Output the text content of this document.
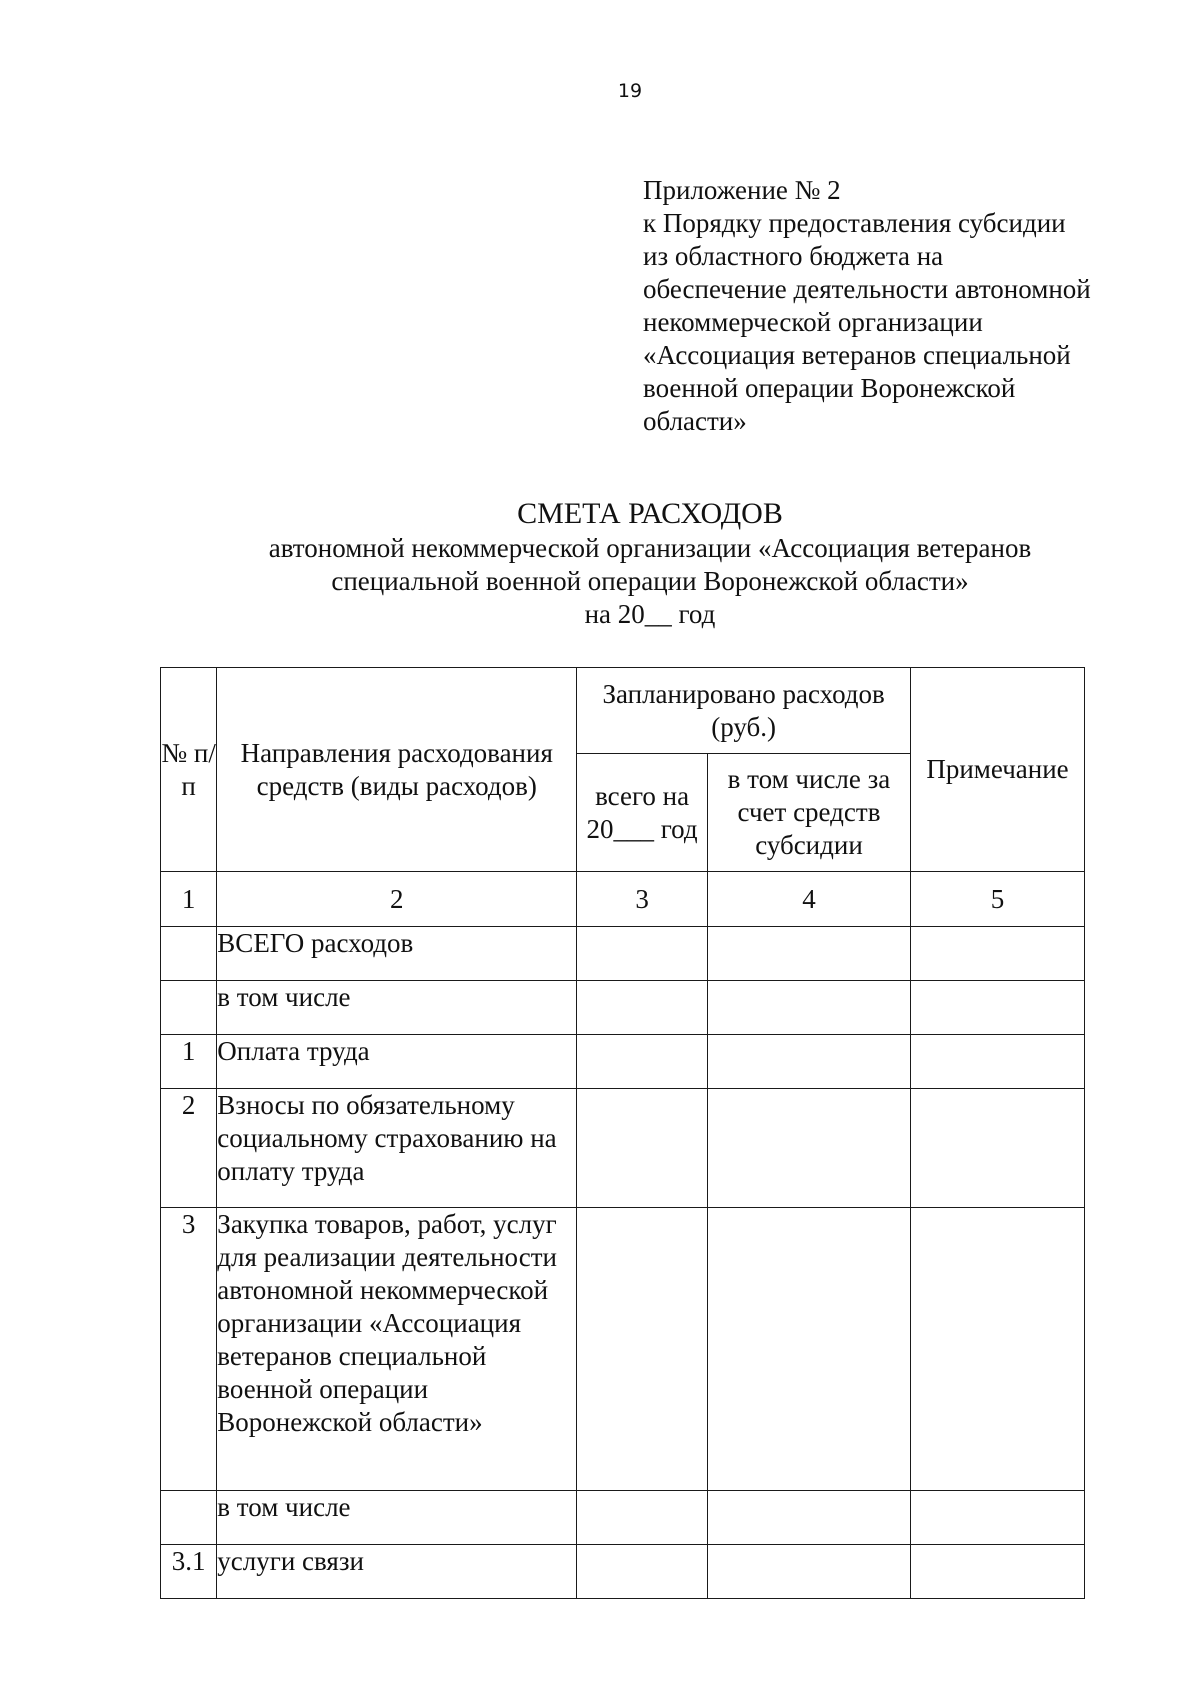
19
Приложение № 2
к Порядку предоставления субсидии
из областного бюджета на
обеспечение деятельности автономной
некоммерческой организации
«Ассоциация ветеранов специальной
военной операции Воронежской
области»
СМЕТА РАСХОДОВ
автономной некоммерческой организации «Ассоциация ветеранов
специальной военной операции Воронежской области»
на 20__ год
№ п/п	Направления расходования средств (виды расходов)	Запланировано расходов (руб.)		Примечание
		всего на 20___ год	в том числе за счет средств субсидии	
1	2	3	4	5
	ВСЕГО расходов			
	в том числе			
1	Оплата труда			
2	Взносы по обязательному социальному страхованию на оплату труда			
3	Закупка товаров, работ, услуг для реализации деятельности автономной некоммерческой организации «Ассоциация ветеранов специальной военной операции Воронежской области»			
	в том числе			
3.1	услуги связи			
